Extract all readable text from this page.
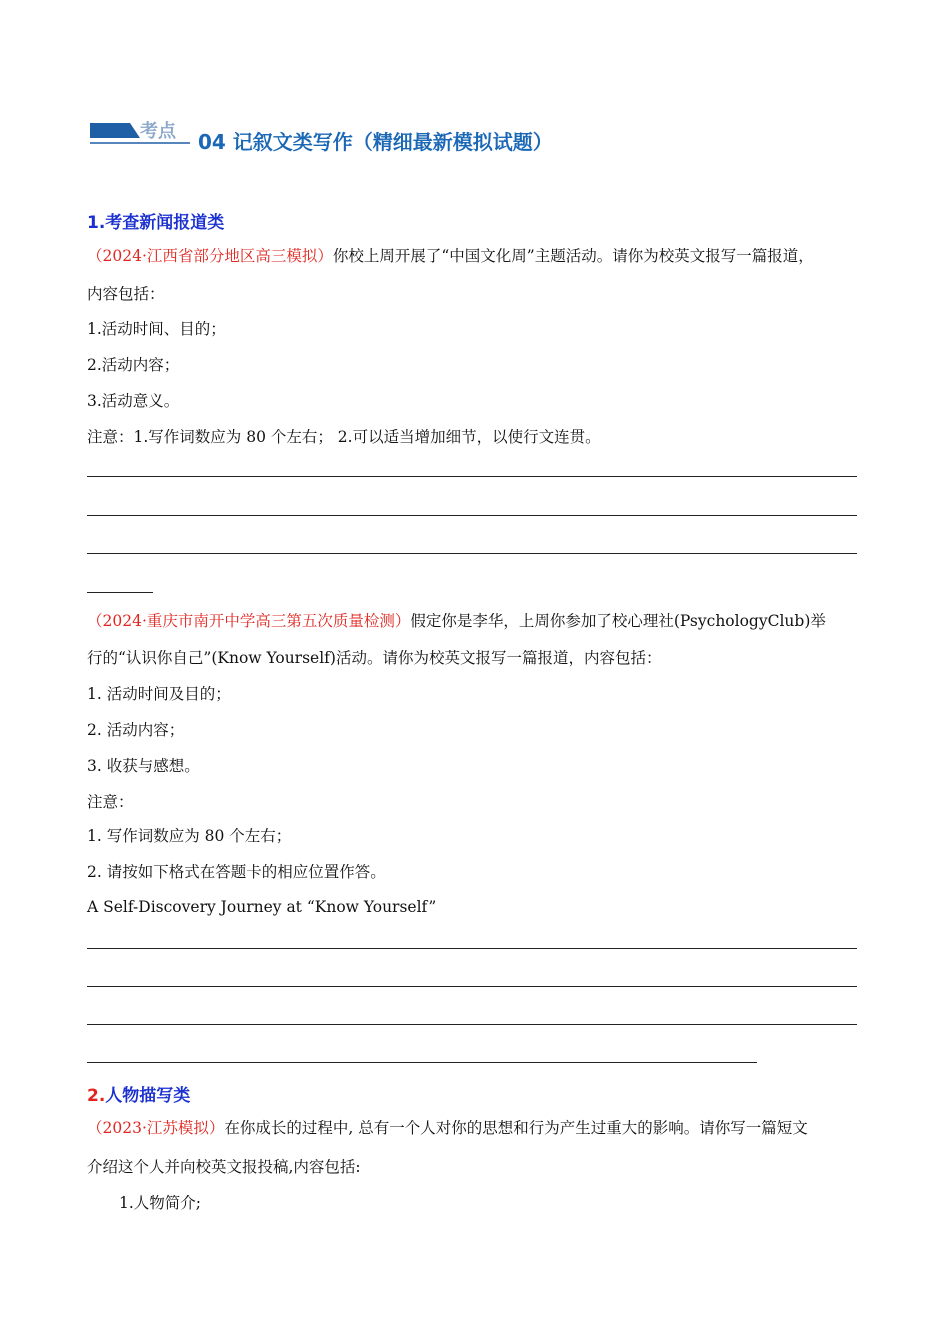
考点 04 记叙文类写作（精细最新模拟试题）
1.考查新闻报道类
（2024·江西省部分地区高三模拟）你校上周开展了“中国文化周”主题活动。请你为校英文报写一篇报道，
内容包括：
1.活动时间、目的；
2.活动内容；
3.活动意义。
注意：1.写作词数应为 80 个左右； 2.可以适当增加细节，以使行文连贯。
（2024·重庆市南开中学高三第五次质量检测）假定你是李华，上周你参加了校心理社(PsychologyClub)举
行的“认识你自己”(Know Yourself)活动。请你为校英文报写一篇报道，内容包括：
1. 活动时间及目的；
2. 活动内容；
3. 收获与感想。
注意：
1. 写作词数应为 80 个左右；
2. 请按如下格式在答题卡的相应位置作答。
A Self-Discovery Journey at “Know Yourself”
2.人物描写类
（2023·江苏模拟）在你成长的过程中, 总有一个人对你的思想和行为产生过重大的影响。请你写一篇短文
介绍这个人并向校英文报投稿,内容包括:
1.人物简介;
